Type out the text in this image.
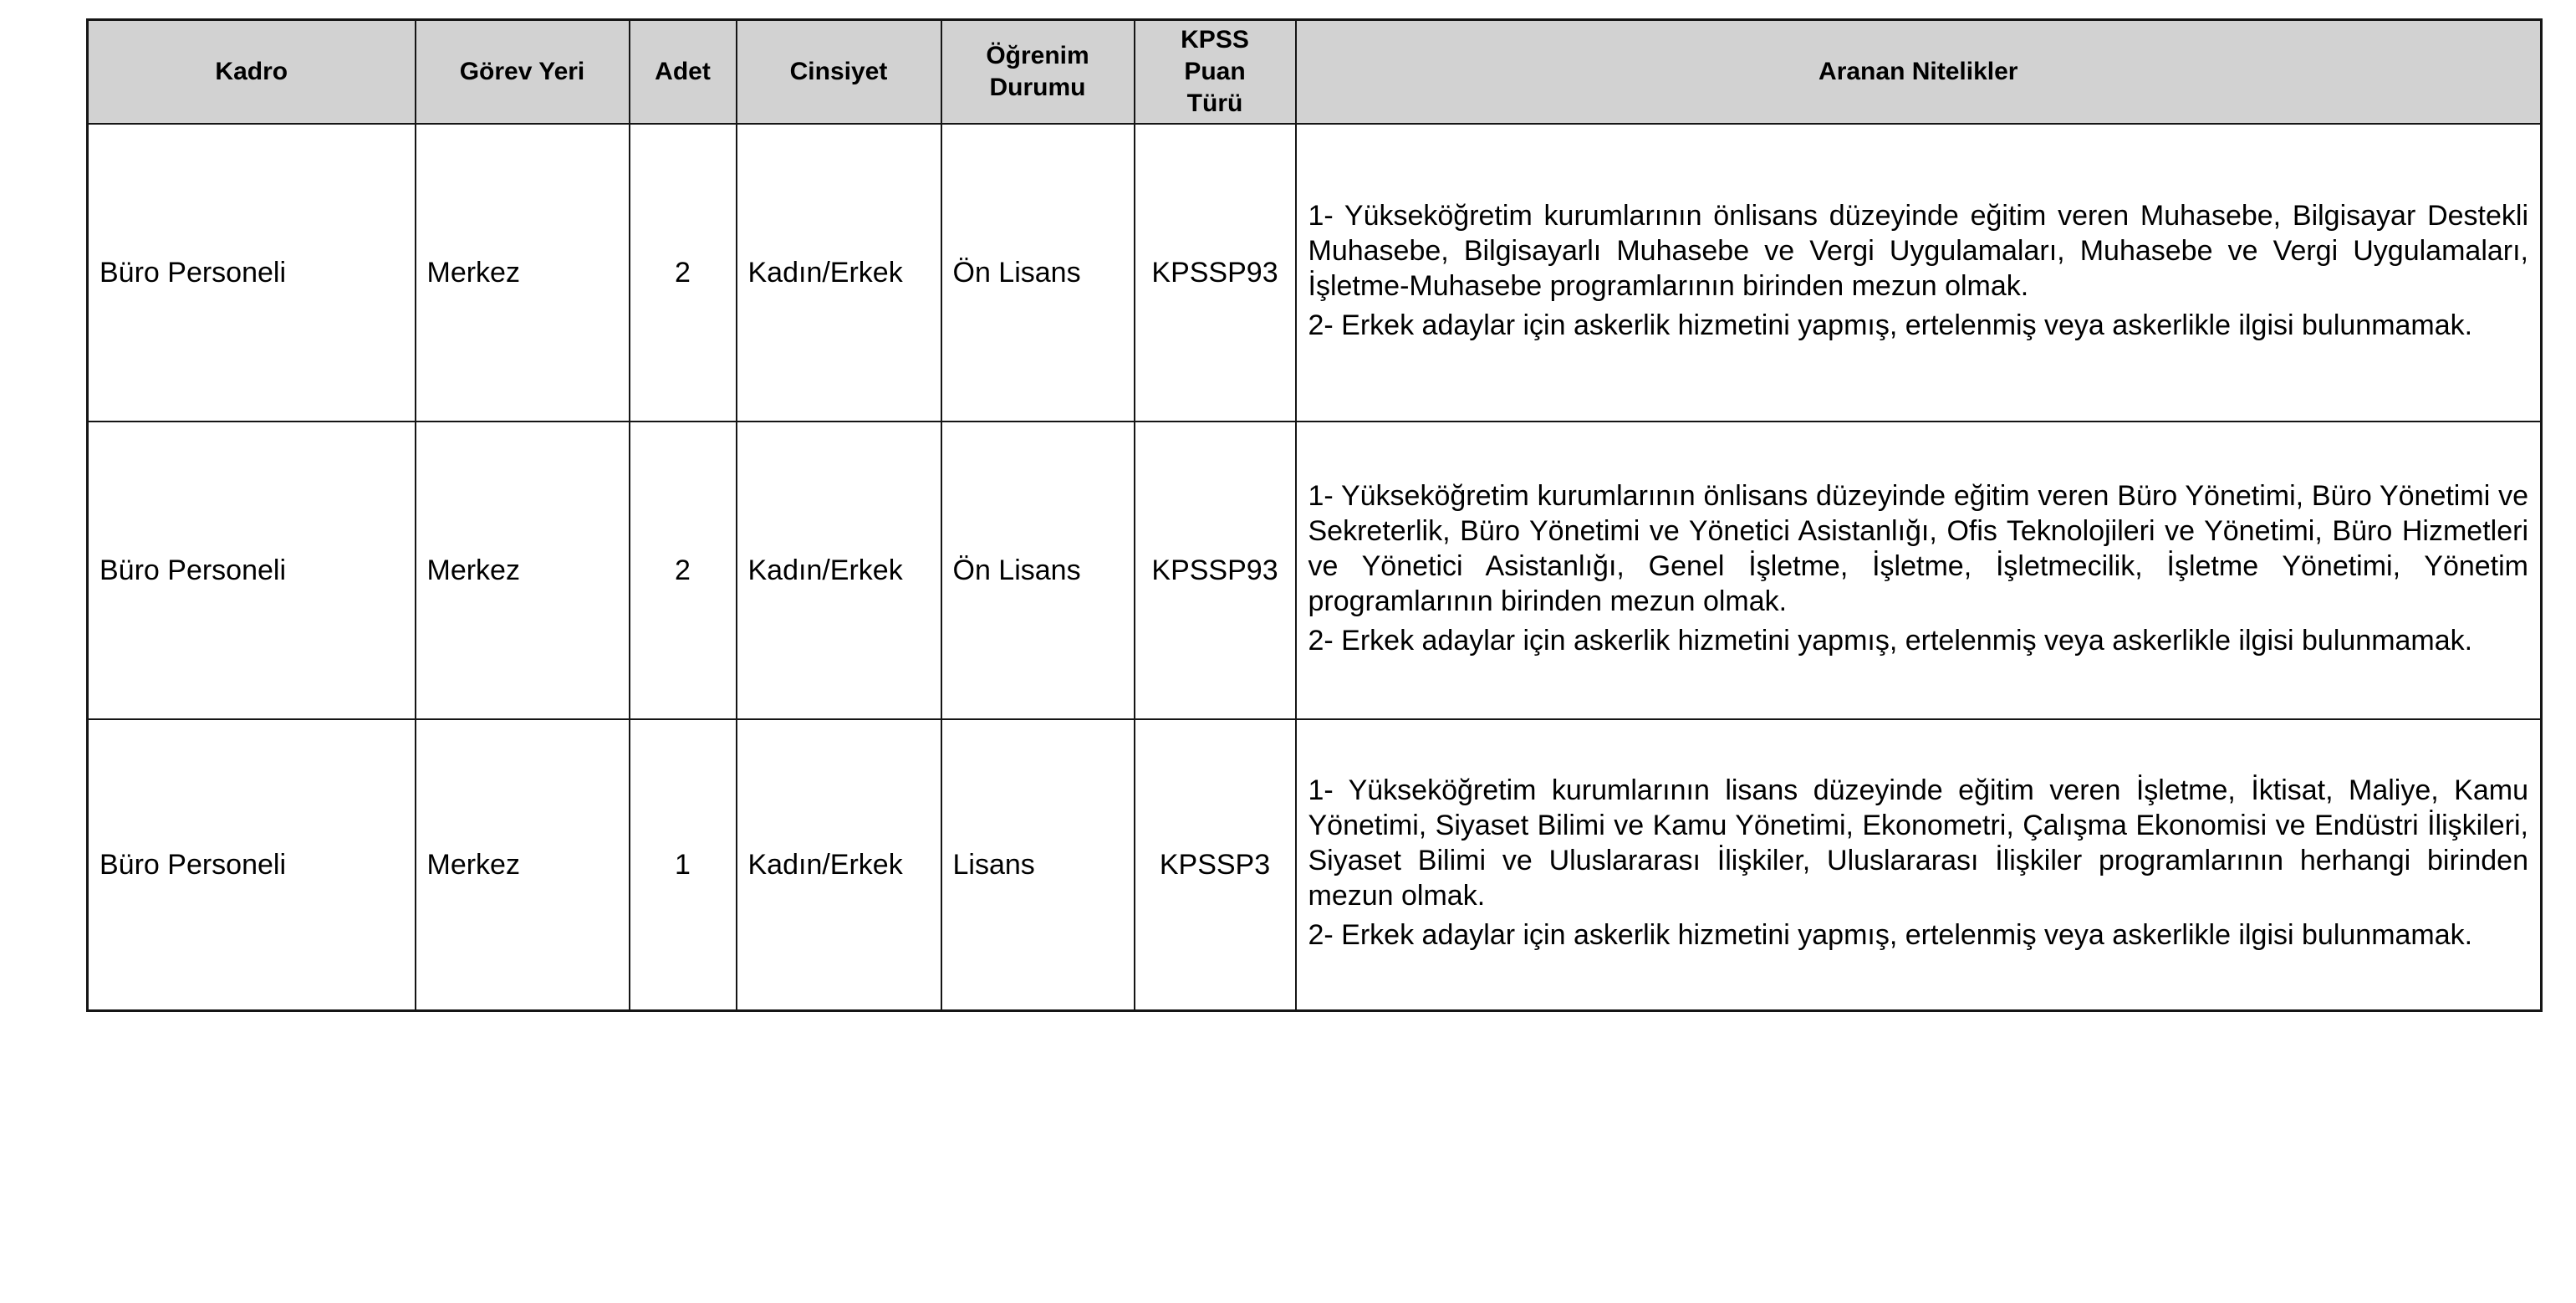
Kadro	Görev Yeri	Adet	Cinsiyet	Öğrenim Durumu	KPSS Puan Türü	Aranan Nitelikler
Büro Personeli	Merkez	2	Kadın/Erkek	Ön Lisans	KPSSP93	1- Yükseköğretim kurumlarının önlisans düzeyinde eğitim veren Muhasebe, Bilgisayar Destekli Muhasebe, Bilgisayarlı Muhasebe ve Vergi Uygulamaları, Muhasebe ve Vergi Uygulamaları, İşletme-Muhasebe programlarının birinden mezun olmak.

2- Erkek adaylar için askerlik hizmetini yapmış, ertelenmiş veya askerlikle ilgisi bulunmamak.

Büro Personeli	Merkez	2	Kadın/Erkek	Ön Lisans	KPSSP93	1- Yükseköğretim kurumlarının önlisans düzeyinde eğitim veren Büro Yönetimi, Büro Yönetimi ve Sekreterlik, Büro Yönetimi ve Yönetici Asistanlığı, Ofis Teknolojileri ve Yönetimi, Büro Hizmetleri ve Yönetici Asistanlığı, Genel İşletme, İşletme, İşletmecilik, İşletme Yönetimi, Yönetim programlarının birinden mezun olmak.

2- Erkek adaylar için askerlik hizmetini yapmış, ertelenmiş veya askerlikle ilgisi bulunmamak.

Büro Personeli	Merkez	1	Kadın/Erkek	Lisans	KPSSP3	1- Yükseköğretim kurumlarının lisans düzeyinde eğitim veren İşletme, İktisat, Maliye, Kamu Yönetimi, Siyaset Bilimi ve Kamu Yönetimi, Ekonometri, Çalışma Ekonomisi ve Endüstri İlişkileri, Siyaset Bilimi ve Uluslararası İlişkiler, Uluslararası İlişkiler programlarının herhangi birinden mezun olmak.

2- Erkek adaylar için askerlik hizmetini yapmış, ertelenmiş veya askerlikle ilgisi bulunmamak.
